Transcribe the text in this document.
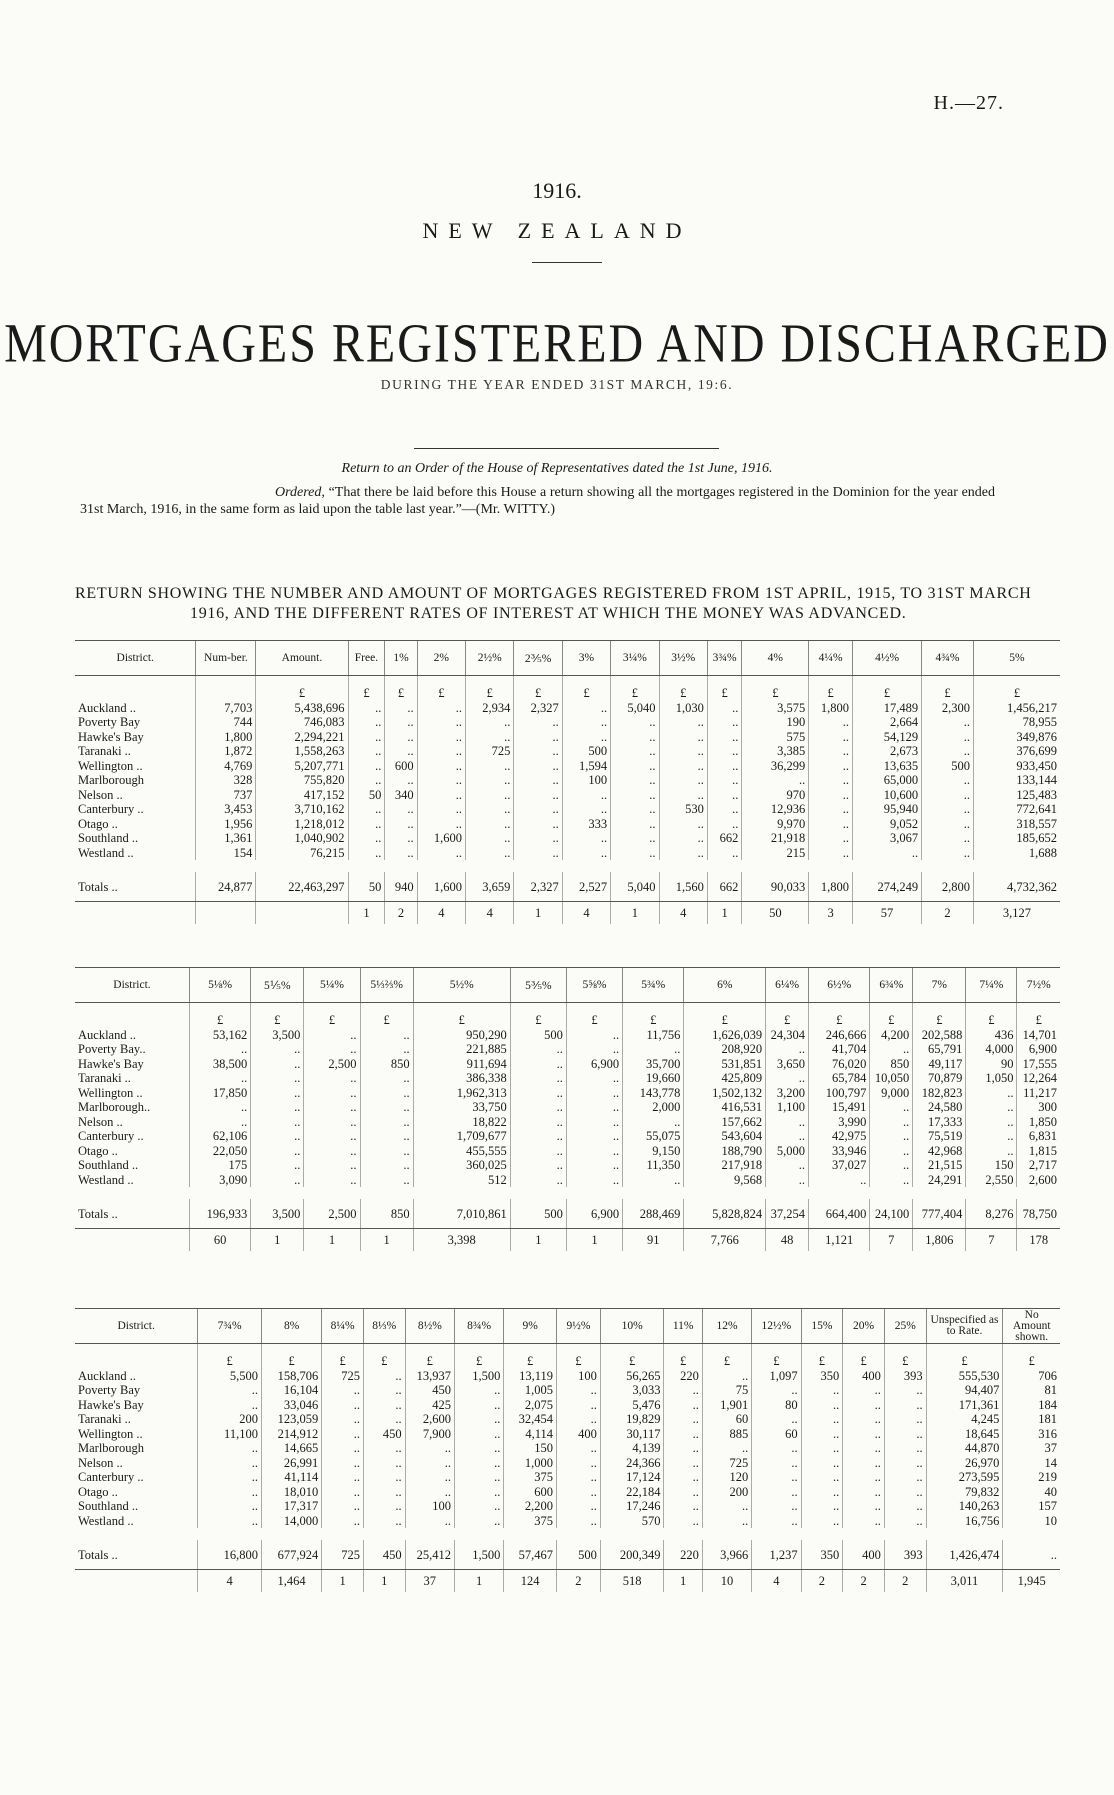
H.—27.
1916.
NEW ZEALAND
MORTGAGES REGISTERED AND DISCHARGED
DURING THE YEAR ENDED 31ST MARCH, 19:6.
Return to an Order of the House of Representatives dated the 1st June, 1916.
Ordered, “That there be laid before this House a return showing all the mortgages registered in the Dominion for the year ended 31st March, 1916, in the same form as laid upon the table last year.”—(Mr. WITTY.)
RETURN SHOWING THE NUMBER AND AMOUNT OF MORTGAGES REGISTERED FROM 1ST APRIL, 1915, TO 31ST MARCH
1916, AND THE DIFFERENT RATES OF INTEREST AT WHICH THE MONEY WAS ADVANCED.
District.	Num-ber.	Amount.	Free.	1%	2%	2½%	2⅗%	3%	3¼%	3½%	3¾%	4%	4¼%	4½%	4¾%	5%
		£	£	£	£	£	£	£	£	£	£	£	£	£	£	£
Auckland ..	7,703	5,438,696	..	..	..	2,934	2,327	..	5,040	1,030	..	3,575	1,800	17,489	2,300	1,456,217
Poverty Bay	744	746,083	..	..	..	..	..	..	..	..	..	190	..	2,664	..	78,955
Hawke's Bay	1,800	2,294,221	..	..	..	..	..	..	..	..	..	575	..	54,129	..	349,876
Taranaki ..	1,872	1,558,263	..	..	..	725	..	500	..	..	..	3,385	..	2,673	..	376,699
Wellington ..	4,769	5,207,771	..	600	..	..	..	1,594	..	..	..	36,299	..	13,635	500	933,450
Marlborough	328	755,820	..	..	..	..	..	100	..	..	..	..	..	65,000	..	133,144
Nelson ..	737	417,152	50	340	..	..	..	..	..	..	..	970	..	10,600	..	125,483
Canterbury ..	3,453	3,710,162	..	..	..	..	..	..	..	530	..	12,936	..	95,940	..	772,641
Otago ..	1,956	1,218,012	..	..	..	..	..	333	..	..	..	9,970	..	9,052	..	318,557
Southland ..	1,361	1,040,902	..	..	1,600	..	..	..	..	..	662	21,918	..	3,067	..	185,652
Westland ..	154	76,215	..	..	..	..	..	..	..	..	..	215	..	..	..	1,688

Totals ..	24,877	22,463,297	50	940	1,600	3,659	2,327	2,527	5,040	1,560	662	90,033	1,800	274,249	2,800	4,732,362
			1	2	4	4	1	4	1	4	1	50	3	57	2	3,127
District.	5⅛%	5⅕%	5¼%	5⅓⅔%	5½%	5⅗%	5⅝%	5¾%	6%	6¼%	6½%	6¾%	7%	7¼%	7½%
	£	£	£	£	£	£	£	£	£	£	£	£	£	£	£
Auckland ..	53,162	3,500	..	..	950,290	500	..	11,756	1,626,039	24,304	246,666	4,200	202,588	436	14,701
Poverty Bay..	..	..	..	..	221,885	..	..	..	208,920	..	41,704	..	65,791	4,000	6,900
Hawke's Bay	38,500	..	2,500	850	911,694	..	6,900	35,700	531,851	3,650	76,020	850	49,117	90	17,555
Taranaki ..	..	..	..	..	386,338	..	..	19,660	425,809	..	65,784	10,050	70,879	1,050	12,264
Wellington ..	17,850	..	..	..	1,962,313	..	..	143,778	1,502,132	3,200	100,797	9,000	182,823	..	11,217
Marlborough..	..	..	..	..	33,750	..	..	2,000	416,531	1,100	15,491	..	24,580	..	300
Nelson ..	..	..	..	..	18,822	..	..	..	157,662	..	3,990	..	17,333	..	1,850
Canterbury ..	62,106	..	..	..	1,709,677	..	..	55,075	543,604	..	42,975	..	75,519	..	6,831
Otago ..	22,050	..	..	..	455,555	..	..	9,150	188,790	5,000	33,946	..	42,968	..	1,815
Southland ..	175	..	..	..	360,025	..	..	11,350	217,918	..	37,027	..	21,515	150	2,717
Westland ..	3,090	..	..	..	512	..	..	..	9,568	..	..	..	24,291	2,550	2,600

Totals ..	196,933	3,500	2,500	850	7,010,861	500	6,900	288,469	5,828,824	37,254	664,400	24,100	777,404	8,276	78,750
	60	1	1	1	3,398	1	1	91	7,766	48	1,121	7	1,806	7	178
District.	7¾%	8%	8¼%	8⅓%	8½%	8¾%	9%	9½%	10%	11%	12%	12½%	15%	20%	25%	Unspecified as to Rate.	No Amount shown.
	£	£	£	£	£	£	£	£	£	£	£	£	£	£	£	£	£
Auckland ..	5,500	158,706	725	..	13,937	1,500	13,119	100	56,265	220	..	1,097	350	400	393	555,530	706
Poverty Bay	..	16,104	..	..	450	..	1,005	..	3,033	..	75	..	..	..	..	94,407	81
Hawke's Bay	..	33,046	..	..	425	..	2,075	..	5,476	..	1,901	80	..	..	..	171,361	184
Taranaki ..	200	123,059	..	..	2,600	..	32,454	..	19,829	..	60	..	..	..	..	4,245	181
Wellington ..	11,100	214,912	..	450	7,900	..	4,114	400	30,117	..	885	60	..	..	..	18,645	316
Marlborough	..	14,665	..	..	..	..	150	..	4,139	..	..	..	..	..	..	44,870	37
Nelson ..	..	26,991	..	..	..	..	1,000	..	24,366	..	725	..	..	..	..	26,970	14
Canterbury ..	..	41,114	..	..	..	..	375	..	17,124	..	120	..	..	..	..	273,595	219
Otago ..	..	18,010	..	..	..	..	600	..	22,184	..	200	..	..	..	..	79,832	40
Southland ..	..	17,317	..	..	100	..	2,200	..	17,246	..	..	..	..	..	..	140,263	157
Westland ..	..	14,000	..	..	..	..	375	..	570	..	..	..	..	..	..	16,756	10

Totals ..	16,800	677,924	725	450	25,412	1,500	57,467	500	200,349	220	3,966	1,237	350	400	393	1,426,474	..
	4	1,464	1	1	37	1	124	2	518	1	10	4	2	2	2	3,011	1,945
